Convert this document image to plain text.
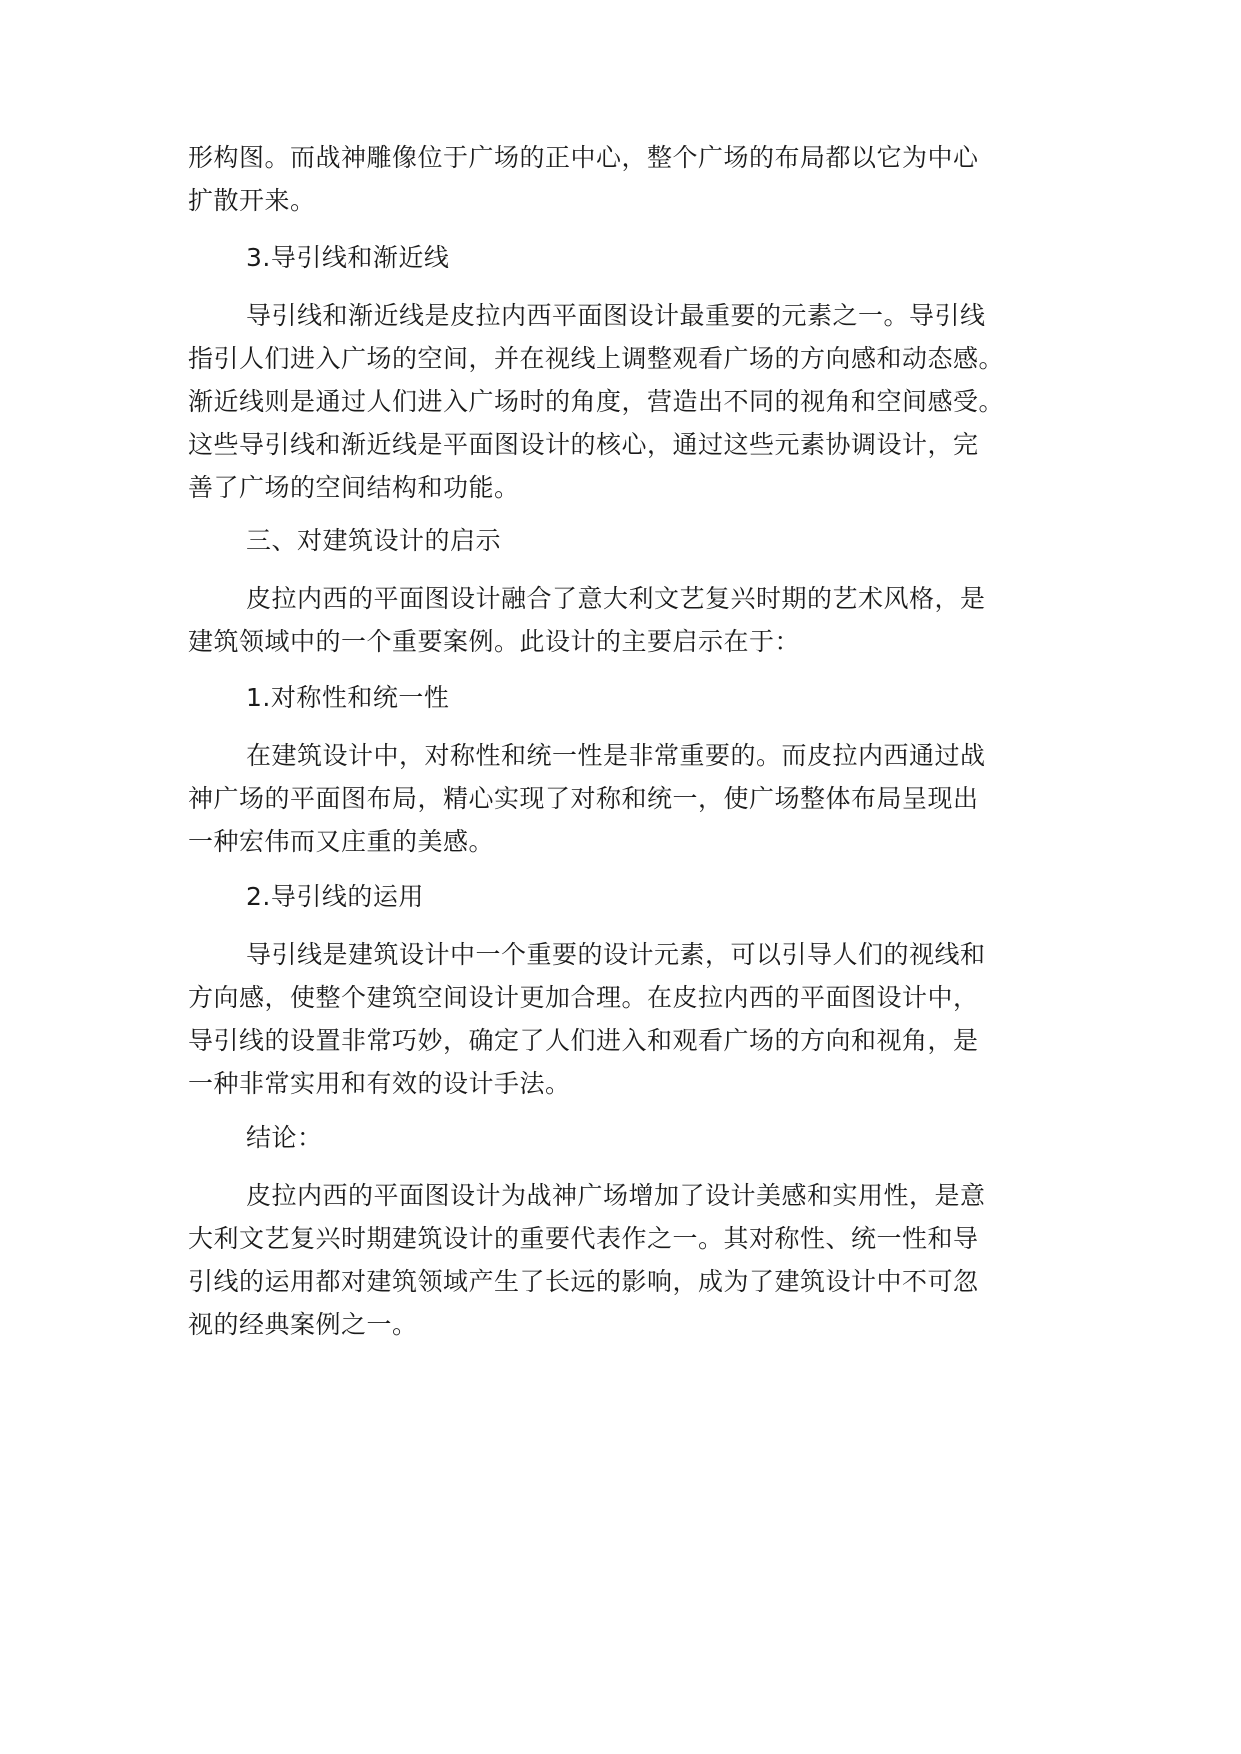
形构图。而战神雕像位于广场的正中心，整个广场的布局都以它为中心
扩散开来。
3.导引线和渐近线
导引线和渐近线是皮拉内西平面图设计最重要的元素之一。导引线
指引人们进入广场的空间，并在视线上调整观看广场的方向感和动态感。
渐近线则是通过人们进入广场时的角度，营造出不同的视角和空间感受。
这些导引线和渐近线是平面图设计的核心，通过这些元素协调设计，完
善了广场的空间结构和功能。
三、对建筑设计的启示
皮拉内西的平面图设计融合了意大利文艺复兴时期的艺术风格，是
建筑领域中的一个重要案例。此设计的主要启示在于：
1.对称性和统一性
在建筑设计中，对称性和统一性是非常重要的。而皮拉内西通过战
神广场的平面图布局，精心实现了对称和统一，使广场整体布局呈现出
一种宏伟而又庄重的美感。
2.导引线的运用
导引线是建筑设计中一个重要的设计元素，可以引导人们的视线和
方向感，使整个建筑空间设计更加合理。在皮拉内西的平面图设计中，
导引线的设置非常巧妙，确定了人们进入和观看广场的方向和视角，是
一种非常实用和有效的设计手法。
结论：
皮拉内西的平面图设计为战神广场增加了设计美感和实用性，是意
大利文艺复兴时期建筑设计的重要代表作之一。其对称性、统一性和导
引线的运用都对建筑领域产生了长远的影响，成为了建筑设计中不可忽
视的经典案例之一。
